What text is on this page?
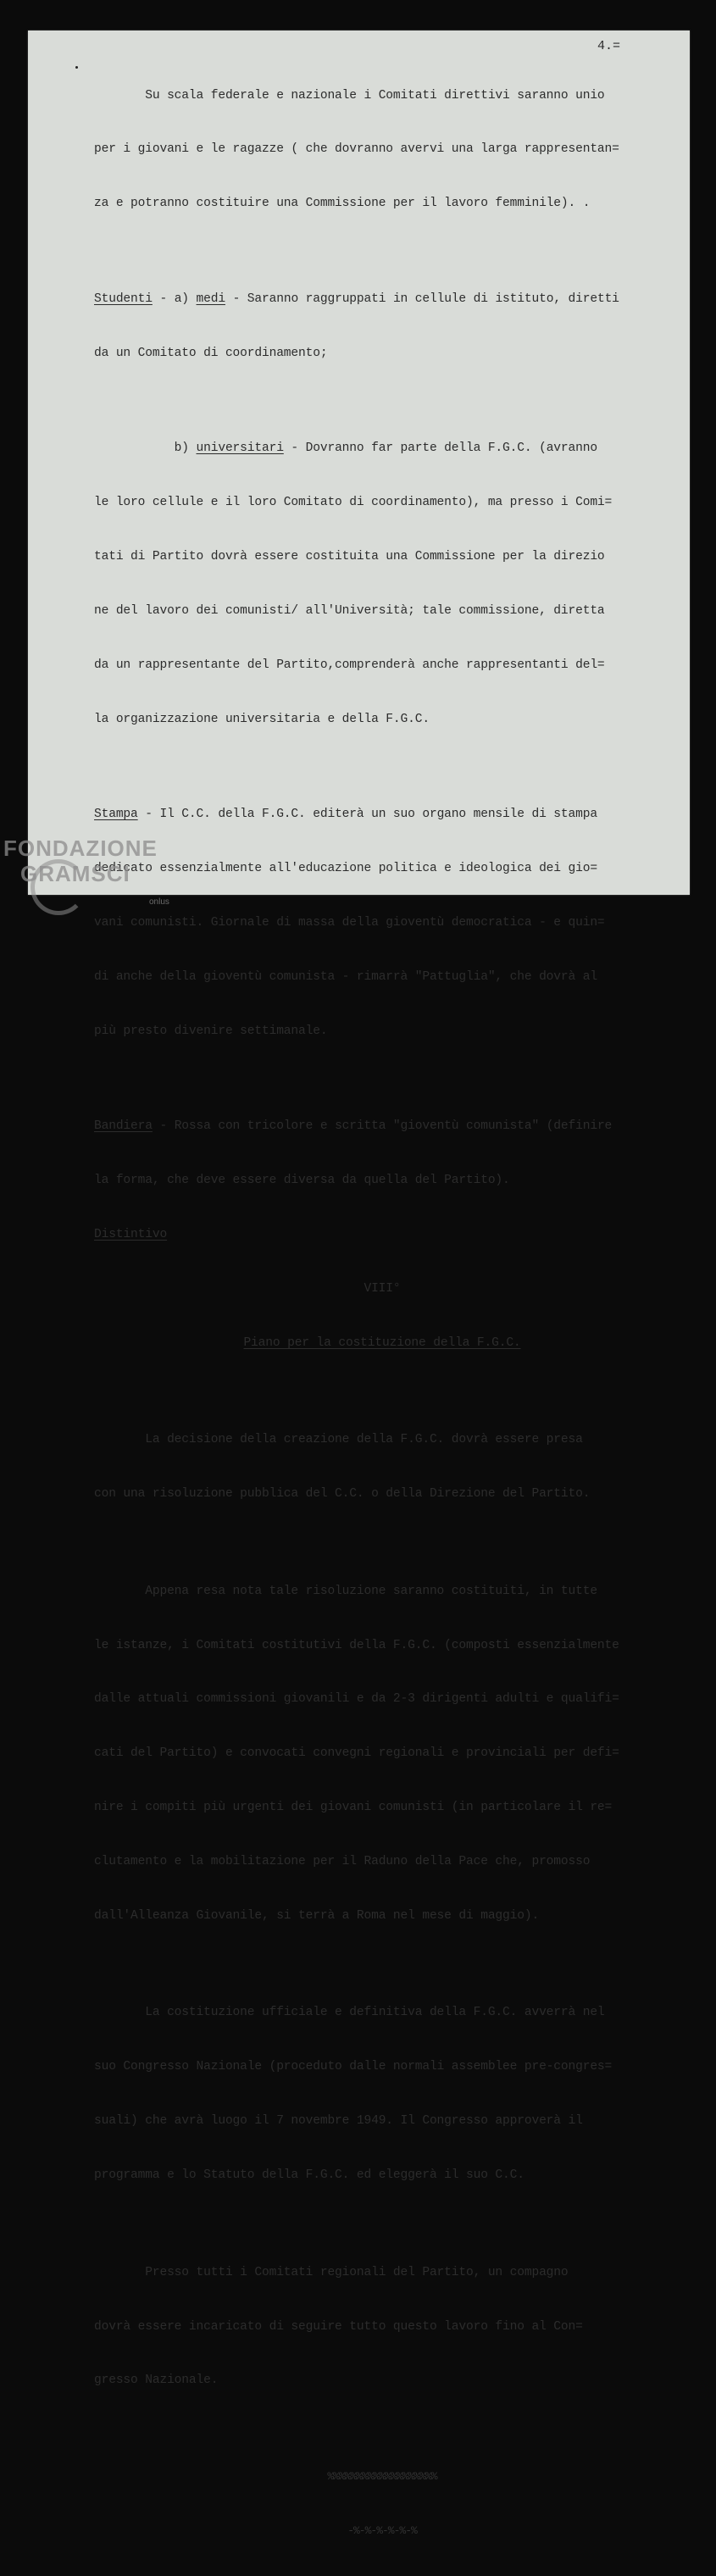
4.=

Su scala federale e nazionale i Comitati direttivi saranno unio

per i giovani e le ragazze ( che dovranno avervi una larga rappresentan=

za e potranno costituire una Commissione per il lavoro femminile). .

Studenti - a) medi - Saranno raggruppati in cellule di istituto, diretti

da un Comitato di coordinamento;

b) universitari - Dovranno far parte della F.G.C. (avranno

le loro cellule e il loro Comitato di coordinamento), ma presso i Comi=

tati di Partito dovrà essere costituita una Commissione per la direzio

ne del lavoro dei comunisti/ all'Università; tale commissione, diretta

da un rappresentante del Partito,comprenderà anche rappresentanti del=

la organizzazione universitaria e della F.G.C.

Stampa - Il C.C. della F.G.C. editerà un suo organo mensile di stampa

dedicato essenzialmente all'educazione politica e ideologica dei gio=

vani comunisti. Giornale di massa della gioventù democratica - e quin=

di anche della gioventù comunista - rimarrà "Pattuglia", che dovrà al

più presto divenire settimanale.

Bandiera - Rossa con tricolore e scritta "gioventù comunista" (definire

la forma, che deve essere diversa da quella del Partito).

Distintivo

VIII°

Piano per la costituzione della F.G.C.

La decisione della creazione della F.G.C. dovrà essere presa

con una risoluzione pubblica del C.C. o della Direzione del Partito.

Appena resa nota tale risoluzione saranno costituiti, in tutte

le istanze, i Comitati costitutivi della F.G.C. (composti essenzialmente

dalle attuali commissioni giovanili e da 2-3 dirigenti adulti e qualifi=

cati del Partito) e convocati convegni regionali e provinciali per defi=

nire i compiti più urgenti dei giovani comunisti (in particolare il re=

clutamento e la mobilitazione per il Raduno della Pace che, promosso

dall'Alleanza Giovanile, si terrà a Roma nel mese di maggio).

La costituzione ufficiale e definitiva della F.G.C. avverrà nel

suo Congresso Nazionale (proceduto dalle normali assemblee pre-congres=

suali) che avrà luogo il 7 novembre 1949. Il Congresso approverà il

programma e lo Statuto della F.G.C. ed eleggerà il suo C.C.

Presso tutti i Comitati regionali del Partito, un compagno

dovrà essere incaricato di seguire tutto questo lavoro fino al Con=

gresso Nazionale.

%%%%%%%%%%%%%%%%%%%

-%-%-%-%-%-%

FONDAZIONE
GRAMSCI
onlus
